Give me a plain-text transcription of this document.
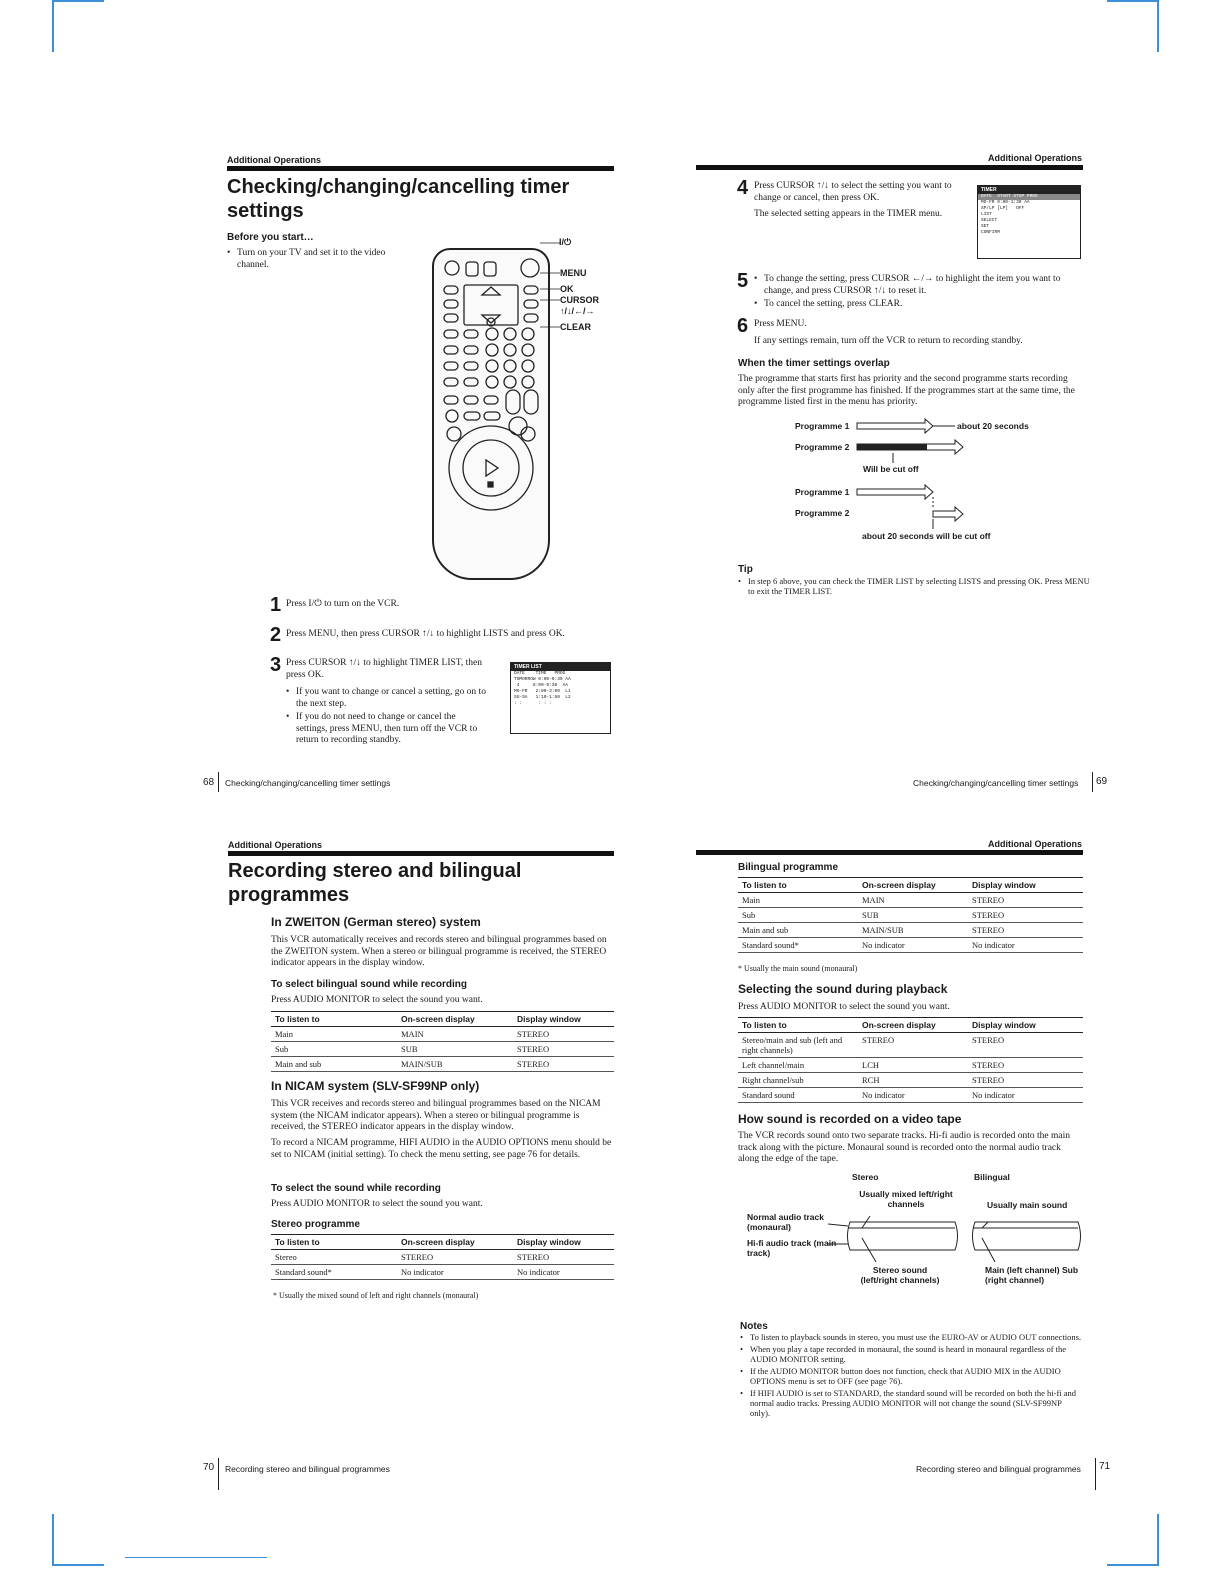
Additional Operations

Checking/changing/cancelling timer

settings

Before you start…

• Turn on your TV and set it to the video channel.

I/⏻
MENU
OK
CURSOR
↑/↓/←/→
CLEAR
1 Press I/⏻ to turn on the VCR.

2 Press MENU, then press CURSOR ↑/↓ to highlight LISTS and press OK.

3 Press CURSOR ↑/↓ to highlight TIMER LIST, then press OK.

• If you want to change or cancel a setting, go on to the next step.

• If you do not need to change or cancel the settings, press MENU, then turn off the VCR to return to recording standby.

TIMER LIST
DATE    TIME   PROG
TOMORROW 0:00-0:30 AA
4     8:00-9:30  AA
MO-FR   2:00-3:00  L1
SU-SA   1:10-1:50  L2
: :      : : :
68 Checking/changing/cancelling timer settings
Additional Operations
4 Press CURSOR ↑/↓ to select the setting you want to change or cancel, then press OK.

The selected setting appears in the TIMER menu.

TIMER
DATE  START STOP PROG
MO-FR 0:00-1:30 AA
SP/LP [LP]   OFF
LIST
SELECT
SET
CONFIRM
5	• To change the setting, press CURSOR ←/→ to highlight the item you want to change, and press CURSOR ↑/↓ to reset it.

• To cancel the setting, press CLEAR.

6 Press MENU.

If any settings remain, turn off the VCR to return to recording standby.

When the timer settings overlap

The programme that starts first has priority and the second programme starts recording only after the first programme has finished. If the programmes start at the same time, the programme listed first in the menu has priority.

Programme 1
Programme 2
about 20 seconds
Will be cut off
Programme 1
Programme 2
about 20 seconds will be cut off

Tip

• In step 6 above, you can check the TIMER LIST by selecting LISTS and pressing OK. Press MENU to exit the TIMER LIST.

Checking/changing/cancelling timer settings 69
Additional Operations

Recording stereo and bilingual

programmes

In ZWEITON (German stereo) system

This VCR automatically receives and records stereo and bilingual programmes based on the ZWEITON system. When a stereo or bilingual programme is received, the STEREO indicator appears in the display window.

To select bilingual sound while recording

Press AUDIO MONITOR to select the sound you want.

To listen to	On-screen display	Display window
Main	MAIN	STEREO
Sub	SUB	STEREO
Main and sub	MAIN/SUB	STEREO

In NICAM system (SLV-SF99NP only)

This VCR receives and records stereo and bilingual programmes based on the NICAM system (the NICAM indicator appears). When a stereo or bilingual programme is received, the STEREO indicator appears in the display window.

To record a NICAM programme, HIFI AUDIO in the AUDIO OPTIONS menu should be set to NICAM (initial setting). To check the menu setting, see page 76 for details.

To select the sound while recording

Press AUDIO MONITOR to select the sound you want.

Stereo programme

To listen to	On-screen display	Display window
Stereo	STEREO	STEREO
Standard sound*	No indicator	No indicator

* Usually the mixed sound of left and right channels (monaural)

70 Recording stereo and bilingual programmes
Additional Operations

Bilingual programme

To listen to	On-screen display	Display window
Main	MAIN	STEREO
Sub	SUB	STEREO
Main and sub	MAIN/SUB	STEREO
Standard sound*	No indicator	No indicator

* Usually the main sound (monaural)

Selecting the sound during playback

Press AUDIO MONITOR to select the sound you want.

To listen to	On-screen display	Display window
Stereo/main and sub (left and right channels)	STEREO	STEREO
Left channel/main	LCH	STEREO
Right channel/sub	RCH	STEREO
Standard sound	No indicator	No indicator

How sound is recorded on a video tape

The VCR records sound onto two separate tracks. Hi-fi audio is recorded onto the main track along with the picture. Monaural sound is recorded onto the normal audio track along the edge of the tape.

Stereo	Bilingual
Usually mixed left/right channels	Usually main sound
Normal audio track (monaural)
Hi-fi audio track (main track)
Stereo sound (left/right channels)
Main (left channel) Sub (right channel)

Notes

• To listen to playback sounds in stereo, you must use the EURO-AV or AUDIO OUT connections.

• When you play a tape recorded in monaural, the sound is heard in monaural regardless of the AUDIO MONITOR setting.

• If the AUDIO MONITOR button does not function, check that AUDIO MIX in the AUDIO OPTIONS menu is set to OFF (see page 76).

• If HIFI AUDIO is set to STANDARD, the standard sound will be recorded on both the hi-fi and normal audio tracks. Pressing AUDIO MONITOR will not change the sound (SLV-SF99NP only).

Recording stereo and bilingual programmes 71
